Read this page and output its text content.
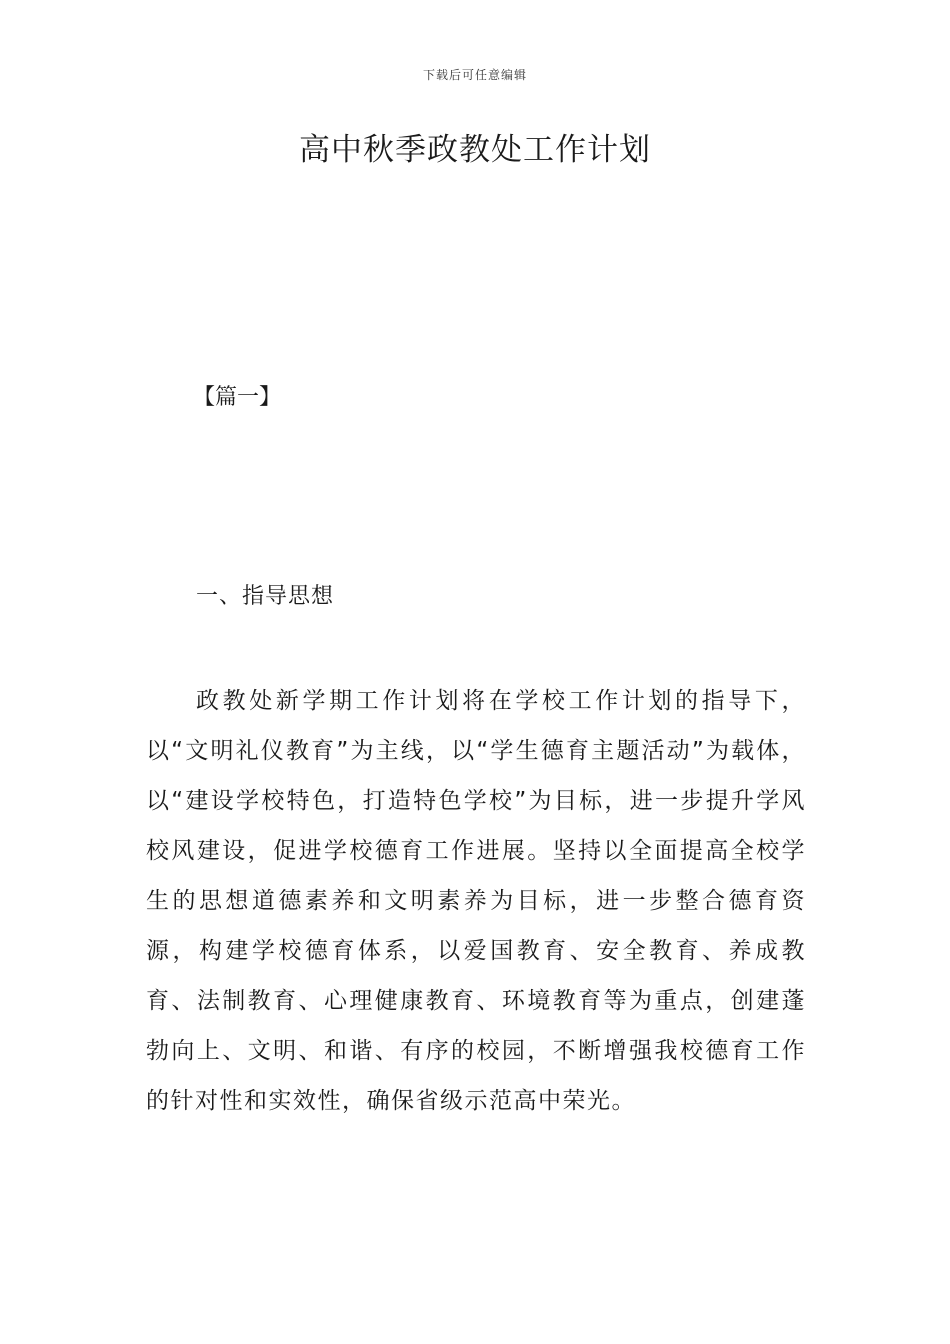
下载后可任意编辑
高中秋季政教处工作计划
【篇一】
一、指导思想

政教处新学期工作计划将在学校工作计划的指导下，以“文明礼仪教育”为主线，以“学生德育主题活动”为载体，以“建设学校特色，打造特色学校”为目标，进一步提升学风校风建设，促进学校德育工作进展。坚持以全面提高全校学生的思想道德素养和文明素养为目标，进一步整合德育资源，构建学校德育体系，以爱国教育、安全教育、养成教育、法制教育、心理健康教育、环境教育等为重点，创建蓬勃向上、文明、和谐、有序的校园，不断增强我校德育工作的针对性和实效性，确保省级示范高中荣光。
